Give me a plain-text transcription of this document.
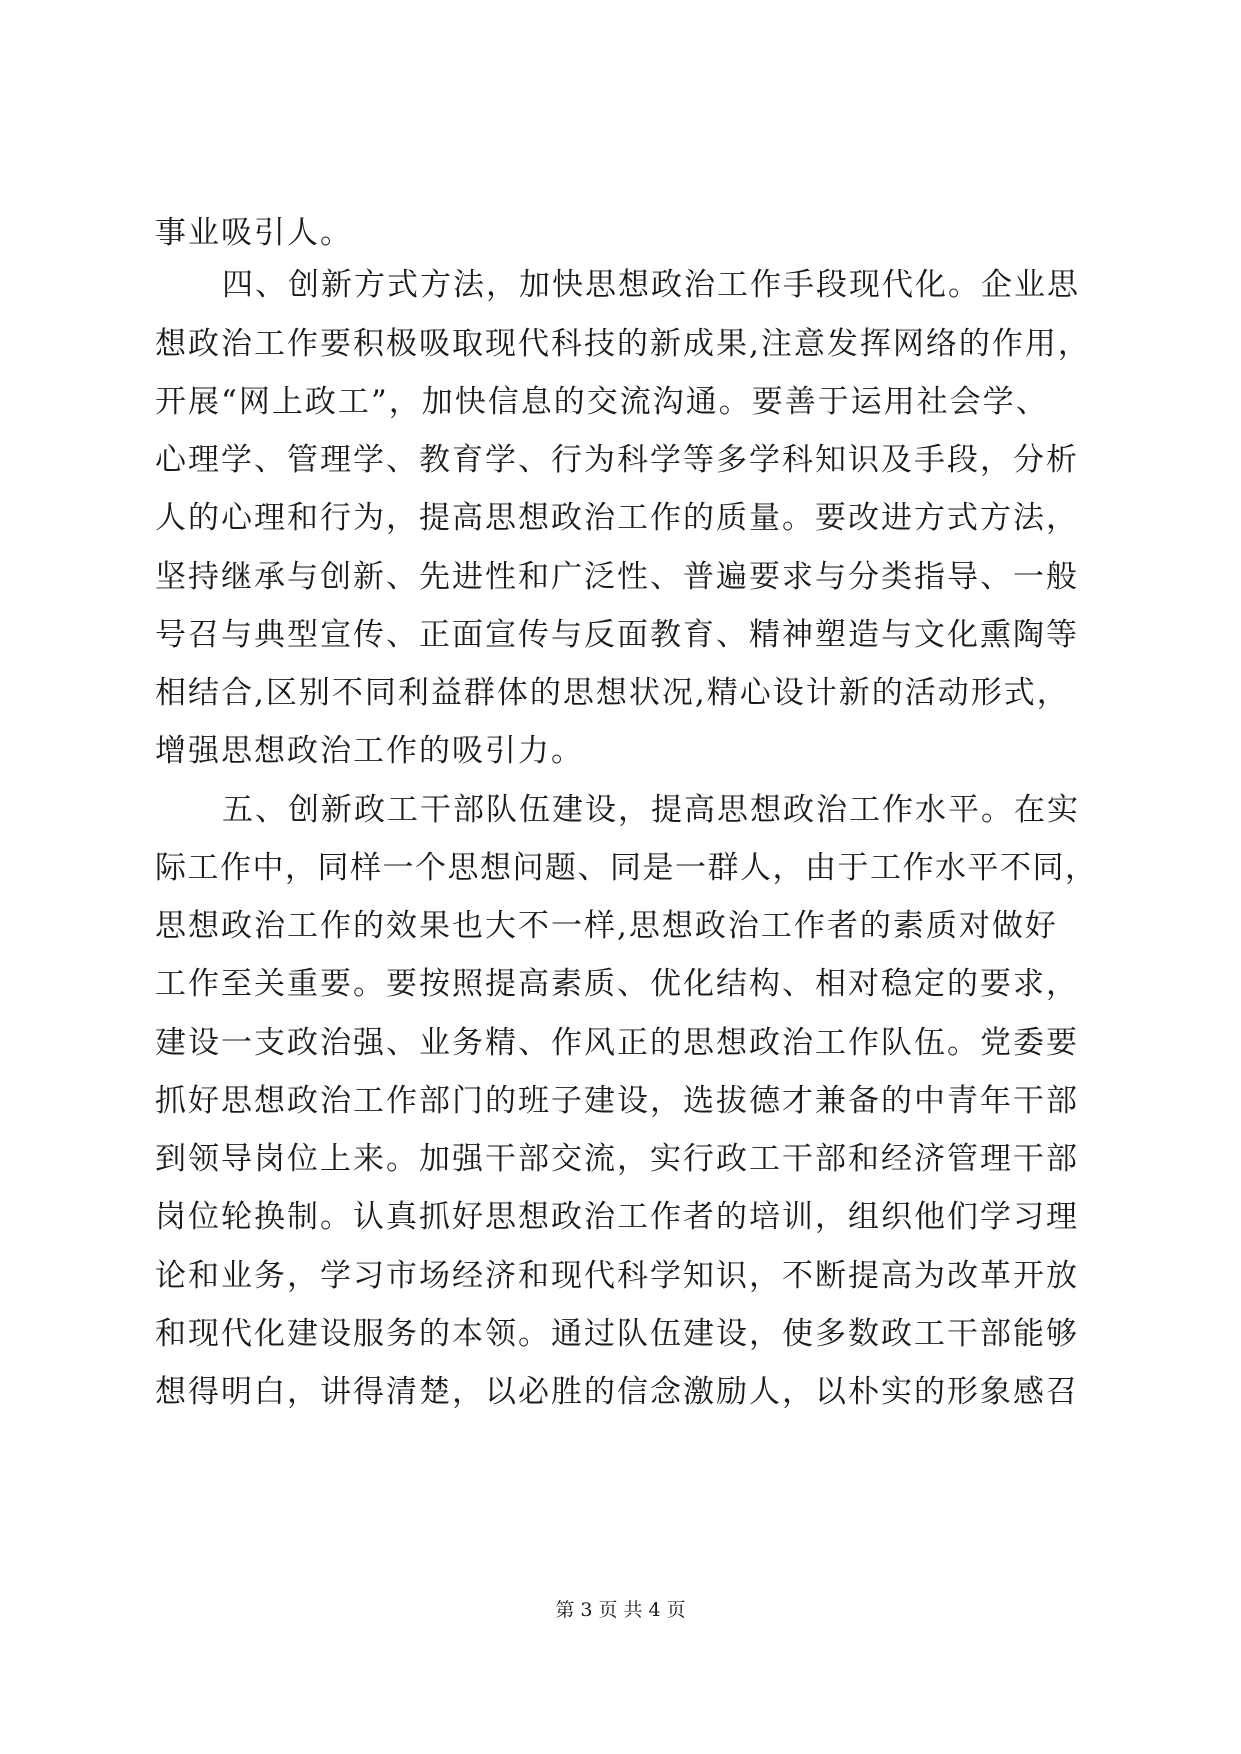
事业吸引人。
四、创新方式方法，加快思想政治工作手段现代化。企业思
想政治工作要积极吸取现代科技的新成果,注意发挥网络的作用，
开展“网上政工”，加快信息的交流沟通。要善于运用社会学、
心理学、管理学、教育学、行为科学等多学科知识及手段，分析
人的心理和行为，提高思想政治工作的质量。要改进方式方法，
坚持继承与创新、先进性和广泛性、普遍要求与分类指导、一般
号召与典型宣传、正面宣传与反面教育、精神塑造与文化熏陶等
相结合,区别不同利益群体的思想状况,精心设计新的活动形式，
增强思想政治工作的吸引力。
五、创新政工干部队伍建设，提高思想政治工作水平。在实
际工作中，同样一个思想问题、同是一群人，由于工作水平不同，
思想政治工作的效果也大不一样,思想政治工作者的素质对做好
工作至关重要。要按照提高素质、优化结构、相对稳定的要求，
建设一支政治强、业务精、作风正的思想政治工作队伍。党委要
抓好思想政治工作部门的班子建设，选拔德才兼备的中青年干部
到领导岗位上来。加强干部交流，实行政工干部和经济管理干部
岗位轮换制。认真抓好思想政治工作者的培训，组织他们学习理
论和业务，学习市场经济和现代科学知识，不断提高为改革开放
和现代化建设服务的本领。通过队伍建设，使多数政工干部能够
想得明白，讲得清楚，以必胜的信念激励人，以朴实的形象感召
第 3 页 共 4 页
